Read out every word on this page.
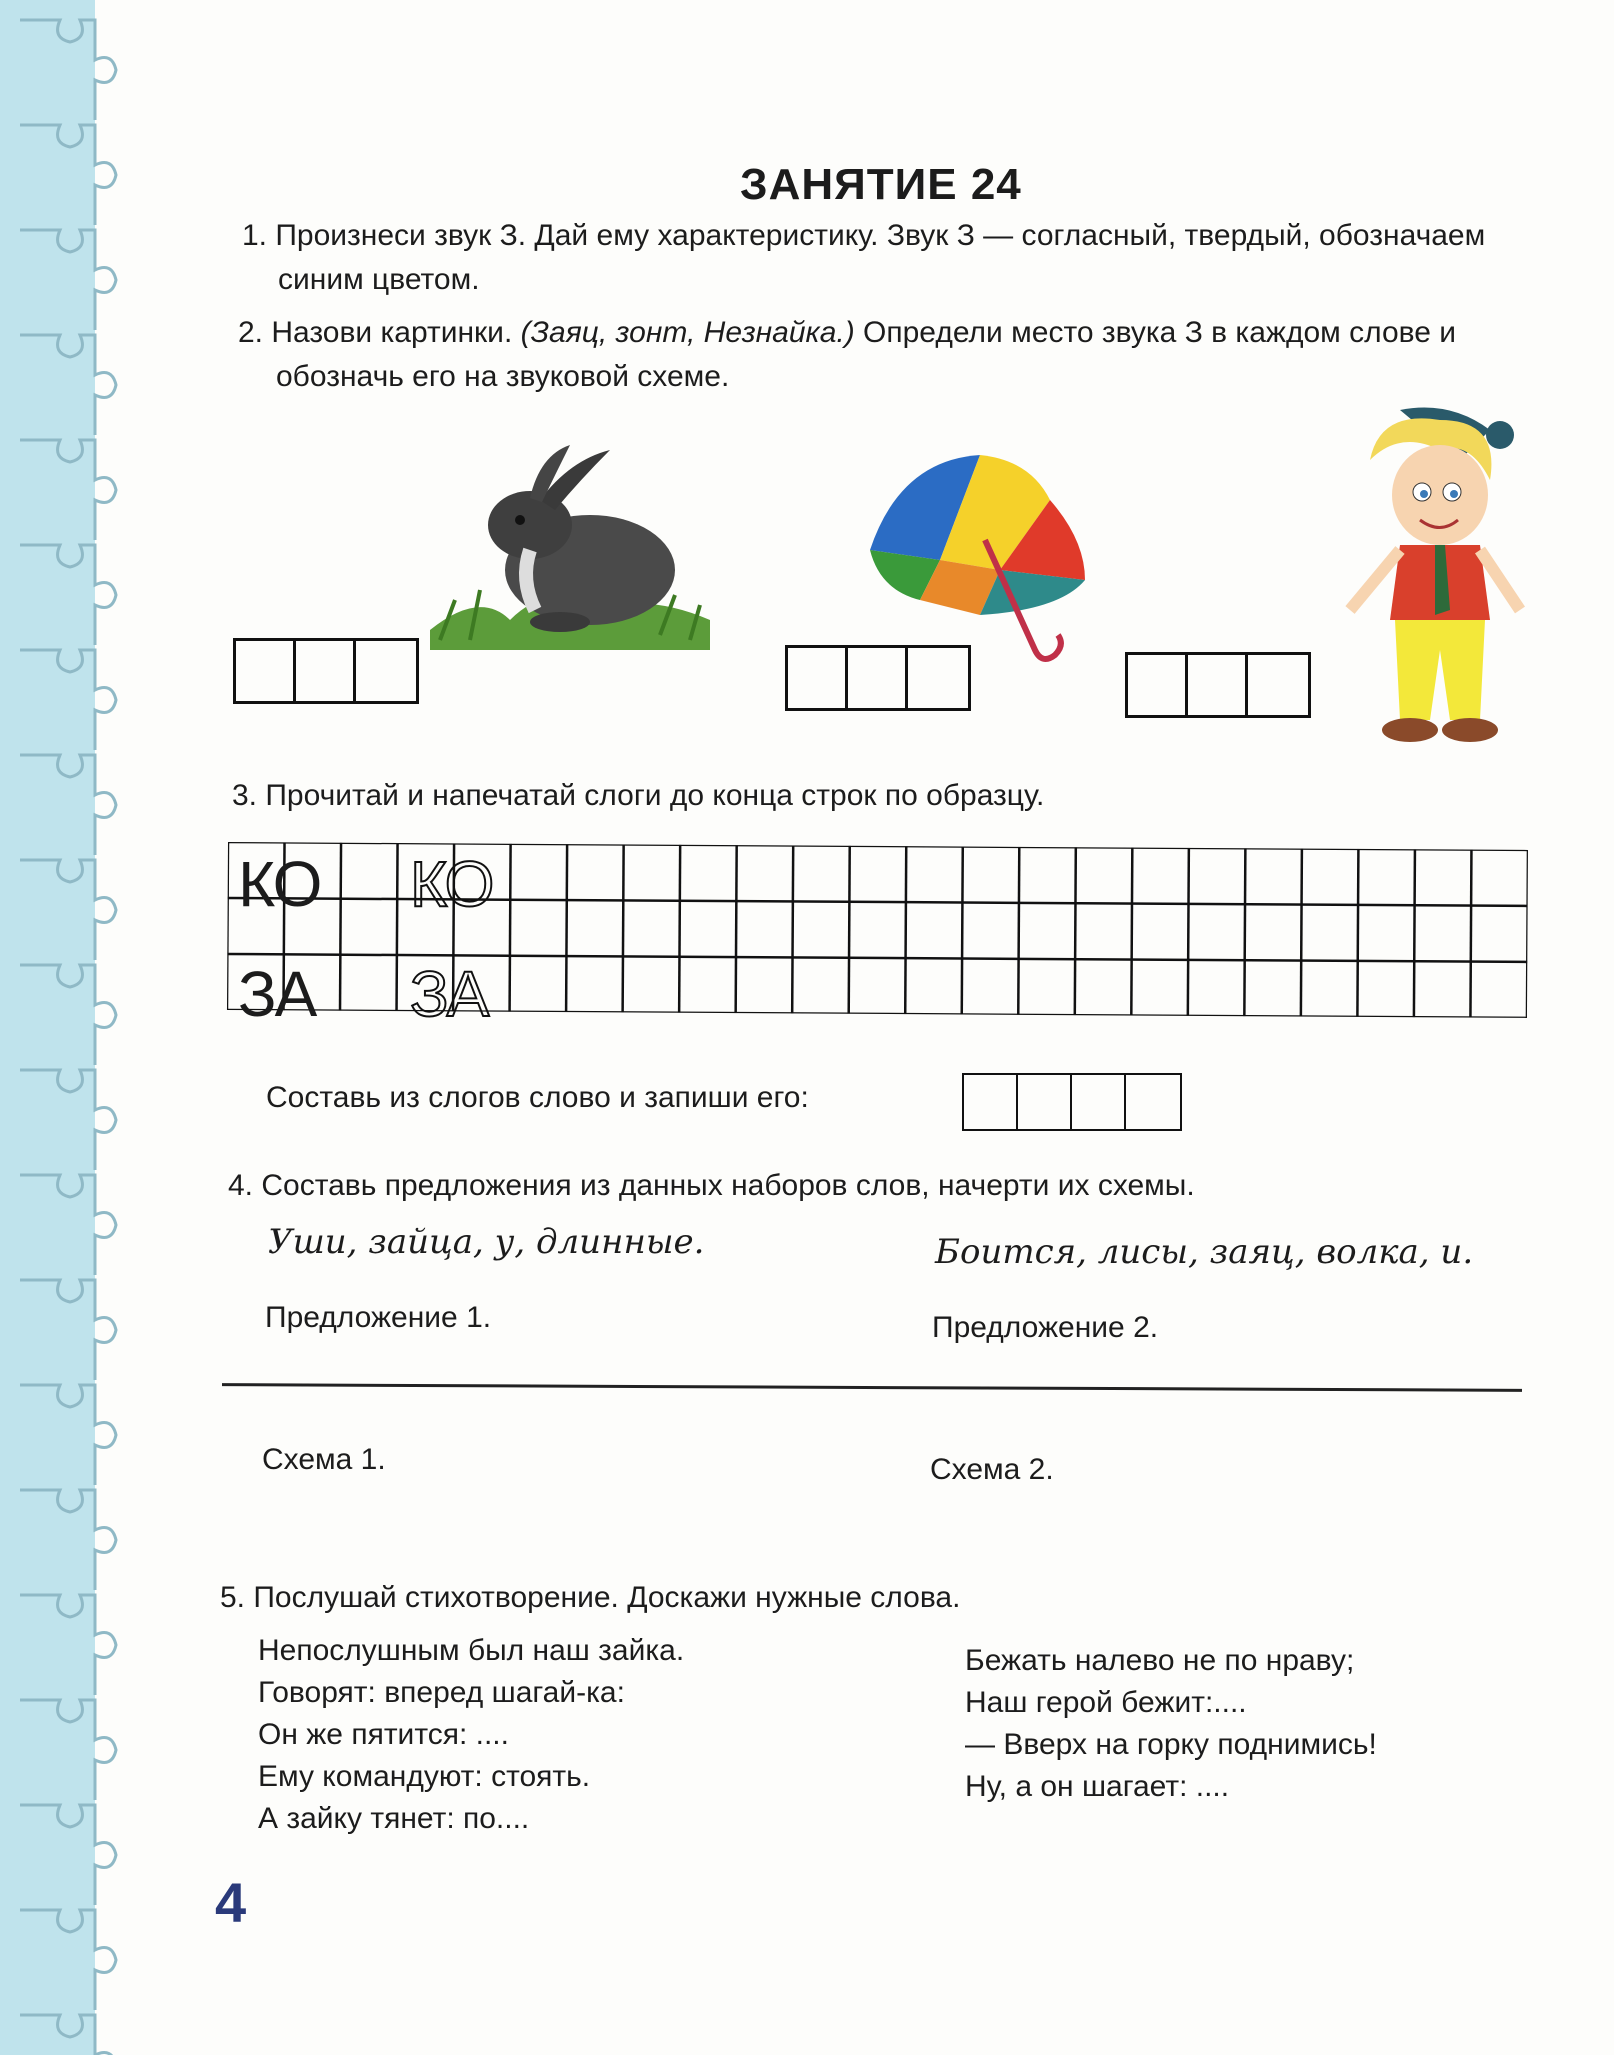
ЗАНЯТИЕ 24
1. Произнеси звук З. Дай ему характеристику. Звук З — согласный, твердый, обозначаем
синим цветом.
2. Назови картинки. (Заяц, зонт, Незнайка.) Определи место звука З в каждом слове и
обозначь его на звуковой схеме.
3. Прочитай и напечатай слоги до конца строк по образцу.
КО КО
ЗА ЗА
Составь из слогов слово и запиши его:
4. Составь предложения из данных наборов слов, начерти их схемы.
Уши, зайца, у, длинные.	Боится, лисы, заяц, волка, и.
Предложение 1.	Предложение 2.
Схема 1.	Схема 2.
5. Послушай стихотворение. Доскажи нужные слова.
Непослушным был наш зайка.
Говорят: вперед шагай-ка:
Он же пятится: ....
Ему командуют: стоять.
А зайку тянет: по....
Бежать налево не по нраву;
Наш герой бежит:....
— Вверх на горку поднимись!
Ну, а он шагает: ....
4
